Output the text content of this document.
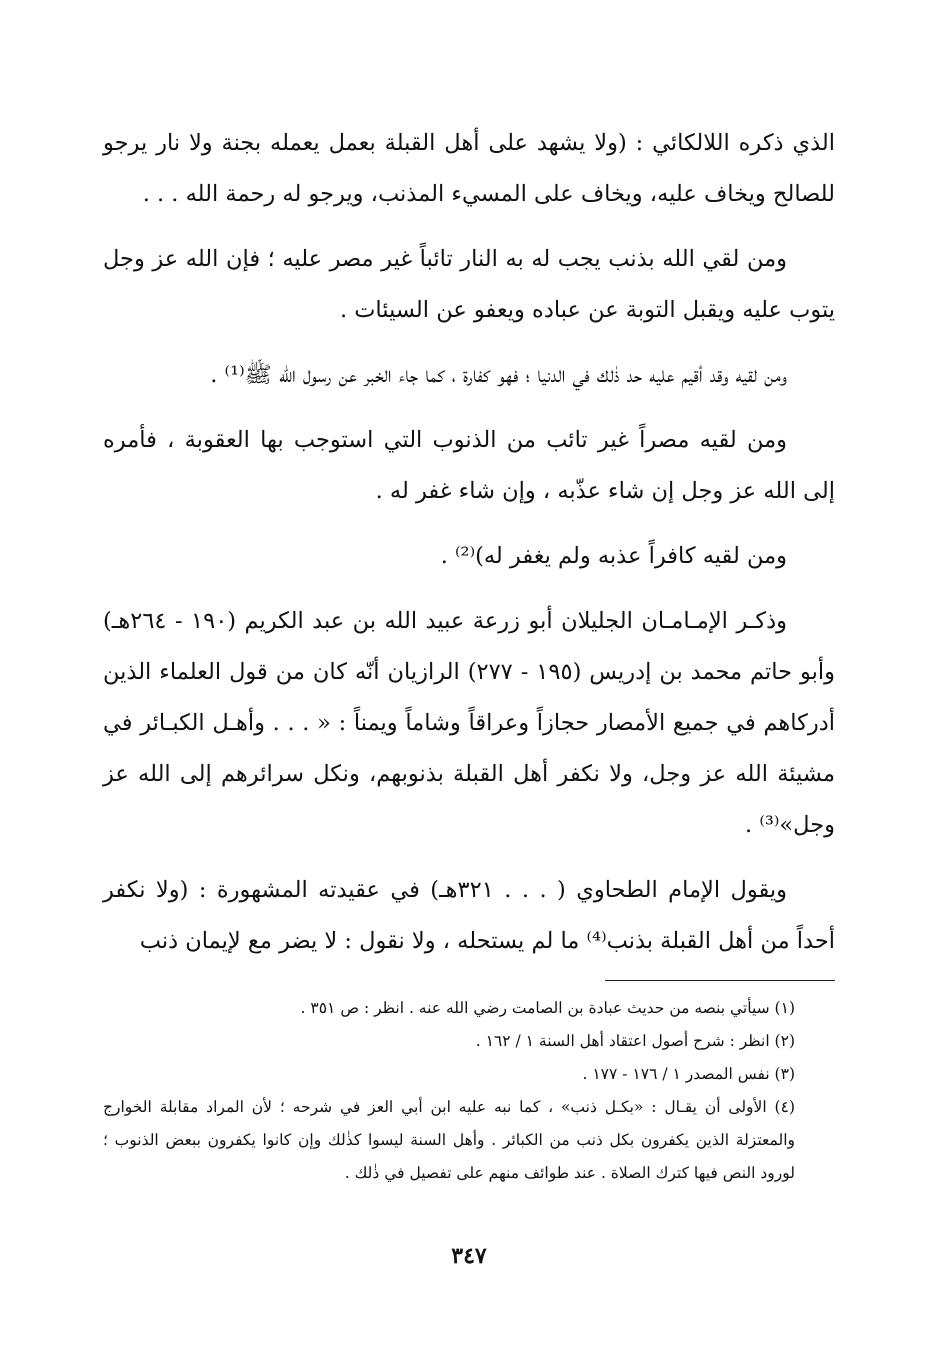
الذي ذكره اللالكائي : (ولا يشهد على أهل القبلة بعمل يعمله بجنة ولا نار يرجو للصالح ويخاف عليه، ويخاف على المسيء المذنب، ويرجو له رحمة الله . . .

ومن لقي الله بذنب يجب له به النار تائباً غير مصر عليه ؛ فإن الله عز وجل يتوب عليه ويقبل التوبة عن عباده ويعفو عن السيئات .

ومن لقيه وقد أقيم عليه حد ذٰلك في الدنيا ؛ فهو كفارة ، كما جاء الخبر عن رسول الله ﷺ⁽¹⁾ .

ومن لقيه مصراً غير تائب من الذنوب التي استوجب بها العقوبة ، فأمره إلى الله عز وجل إن شاء عذّبه ، وإن شاء غفر له .

ومن لقيه كافراً عذبه ولم يغفر له)⁽²⁾ .

وذكـر الإمـامـان الجليلان أبو زرعة عبيد الله بن عبد الكريم (١٩٠ - ٢٦٤هـ) وأبو حاتم محمد بن إدريس (١٩٥ - ٢٧٧) الرازيان أنّه كان من قول العلماء الذين أدركاهم في جميع الأمصار حجازاً وعراقاً وشاماً ويمناً : « . . . وأهـل الكبـائر في مشيئة الله عز وجل، ولا نكفر أهل القبلة بذنوبهم، ونكل سرائرهم إلى الله عز وجل»⁽³⁾ .

ويقول الإمام الطحاوي ( . . . ٣٢١هـ) في عقيدته المشهورة : (ولا نكفر أحداً من أهل القبلة بذنب⁽⁴⁾ ما لم يستحله ، ولا نقول : لا يضر مع لإيمان ذنب

(١) سيأتي بنصه من حديث عبادة بن الصامت رضي الله عنه . انظر : ص ٣٥١ .

(٢) انظر : شرح أصول اعتقاد أهل السنة ١ / ١٦٢ .

(٣) نفس المصدر ١ / ١٧٦ - ١٧٧ .

(٤) الأولى أن يقـال : «بكـل ذنب» ، كما نبه عليه ابن أبي العز في شرحه ؛ لأن المراد مقابلة الخوارج والمعتزلة الذين يكفرون بكل ذنب من الكبائر . وأهل السنة ليسوا كذٰلك وإن كانوا يكفرون ببعض الذنوب ؛ لورود النص فيها كترك الصلاة . عند طوائف منهم على تفصيل في ذٰلك .

٣٤٧
